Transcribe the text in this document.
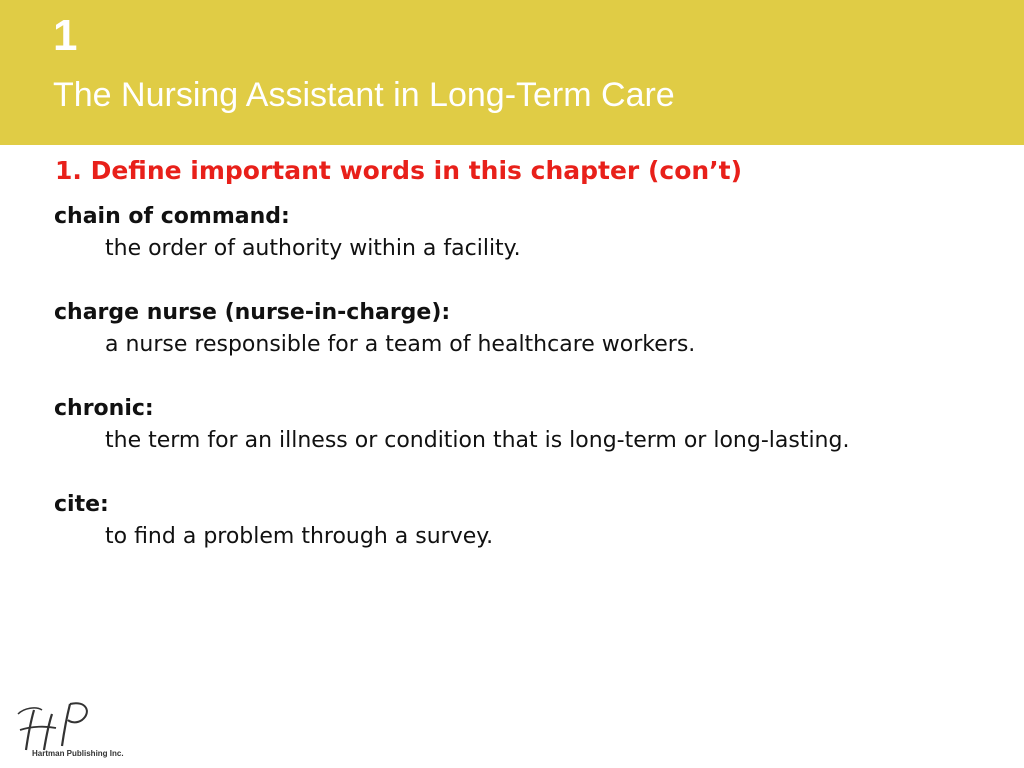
1
The Nursing Assistant in Long-Term Care
1. Define important words in this chapter (con’t)
chain of command:
the order of authority within a facility.
charge nurse (nurse-in-charge):
a nurse responsible for a team of healthcare workers.
chronic:
the term for an illness or condition that is long-term or long-lasting.
cite:
to find a problem through a survey.
Hartman Publishing Inc.
